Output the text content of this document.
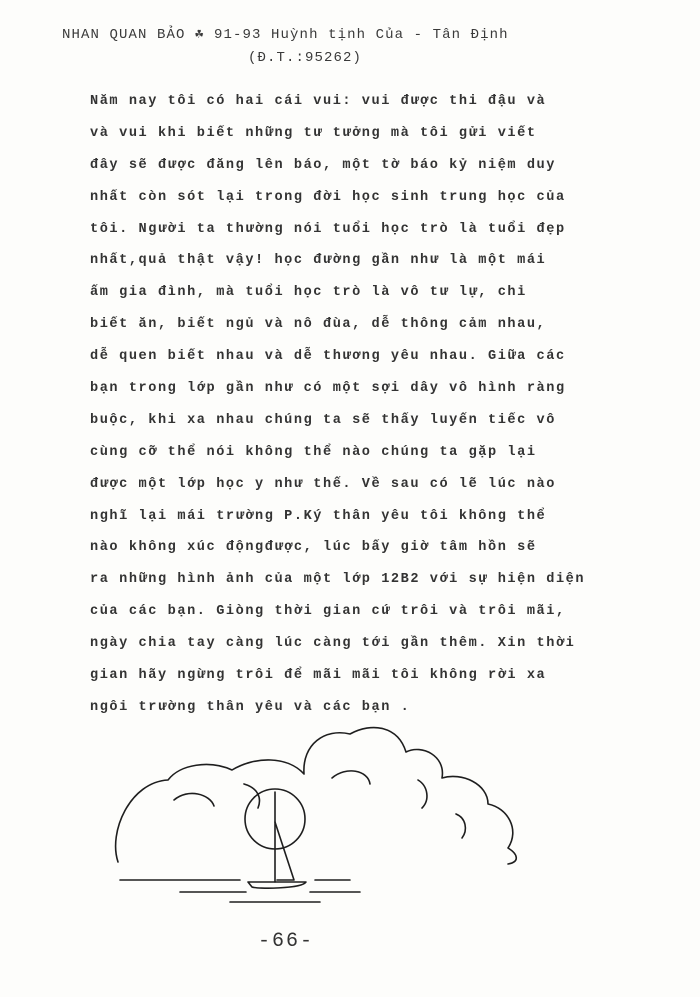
NHAN QUAN BẢO ☘ 91-93 Huỳnh tịnh Của - Tân Định
(Đ.T.:95262)
Năm nay tôi có hai cái vui: vui được thi đậu và
và vui khi biết những tư tưởng mà tôi gửi viết
đây sẽ được đăng lên báo, một tờ báo kỷ niệm duy
nhất còn sót lại trong đời học sinh trung học của
tôi. Người ta thường nói tuổi học trò là tuổi đẹp
nhất,quả thật vậy! học đường gần như là một mái
ấm gia đình, mà tuổi học trò là vô tư lự, chỉ
biết ăn, biết ngủ và nô đùa, dễ thông cảm nhau,
dễ quen biết nhau và dễ thương yêu nhau. Giữa các
bạn trong lớp gần như có một sợi dây vô hình ràng
buộc, khi xa nhau chúng ta sẽ thấy luyến tiếc vô
cùng cỡ thể nói không thể nào chúng ta gặp lại
được một lớp học y như thế. Về sau có lẽ lúc nào
nghĩ lại mái trường P.Ký thân yêu tôi không thể
nào không xúc độngđược, lúc bấy giờ tâm hồn sẽ
ra những hình ảnh của một lớp 12B2 với sự hiện diện
của các bạn. Giòng thời gian cứ trôi và trôi mãi,
ngày chia tay càng lúc càng tới gần thêm. Xin thời
gian hãy ngừng trôi để mãi mãi tôi không rời xa
ngôi trường thân yêu và các bạn .
-66-
